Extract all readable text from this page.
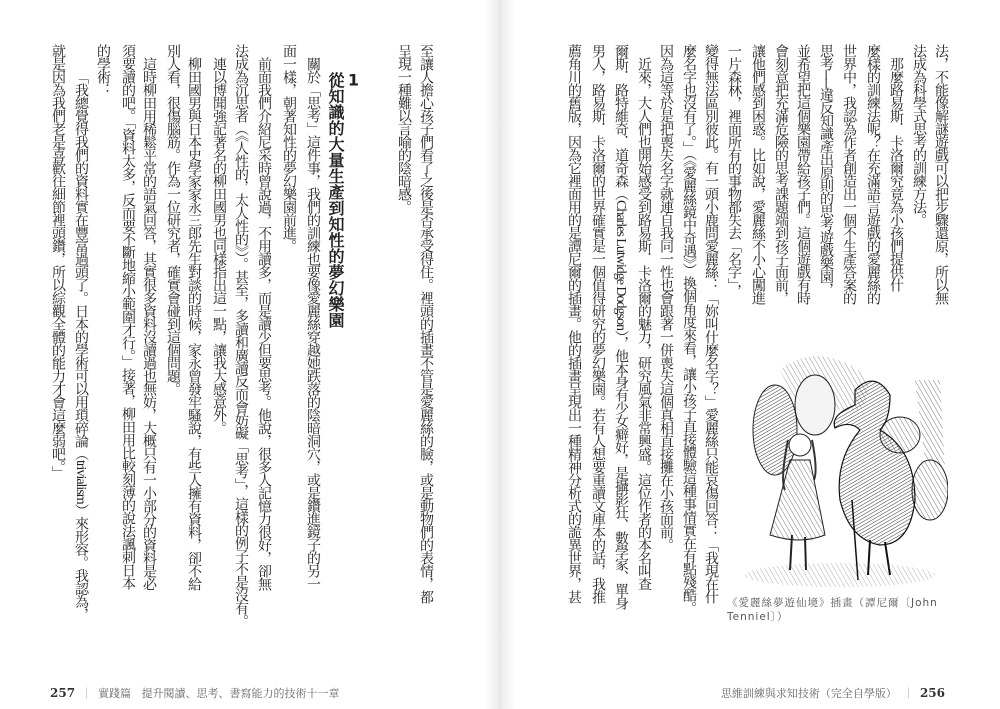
法，不能像解謎遊戲可以把步驟還原，所以無
法成為科學式思考的訓練方法。
那麼路易斯．卡洛爾究竟為小孩們提供什
麼樣的訓練法呢？在充滿語言遊戲的愛麗絲的
世界中，我認為作者創造出一個不生產答案的
思考──違反知識產出原則的思考遊戲樂園，
並希望把這個樂園帶給孩子們。這個遊戲有時
會刻意把充滿危險的思考課題端到孩子面前，
讓他們感到困惑。比如說，愛麗絲不小心闖進
一片森林，裡面所有的事物都失去「名字」，
變得無法區別彼此。有一頭小鹿問愛麗絲：「妳叫什麼名字？」愛麗絲只能哀傷回答：「我現在什
麼名字也沒有了。」（《愛麗絲鏡中奇遇》）換個角度來看，讓小孩子直接體驗這種事情實在有點殘酷。
因為這等於是把喪失名字就連自我同一性也會跟著一併喪失這個真相直接攤在小孩面前。
近來，大人們也開始感受到路易斯．卡洛爾的魅力，研究風氣非常興盛。這位作者的本名叫查
爾斯．路特維奇．道奇森（Charles Lutwidge Dodgson），他本身有少女癖好，是攝影狂、數學家、單身
男人，路易斯．卡洛爾的世界確實是一個值得研究的夢幻樂園。若有人想要重讀文庫本的話，我推
薦角川的舊版，因為它裡面用的是譚尼爾的插畫。他的插畫呈現出一種精神分析式的詭異世界，甚	《愛麗絲夢遊仙境》插畫（譚尼爾〔John Tenniel〕）
思維訓練與求知技術（完全自學版） ｜ 256
至讓人擔心孩子們看了之後是否承受得住。裡頭的插畫不管是愛麗絲的臉，或是動物們的表情，都
呈現一種難以言喻的陰暗感。
1
從知識的大量生產到知性的夢幻樂園
關於「思考」這件事，我們的訓練也要像愛麗絲穿越她跌落的陰暗洞穴，或是鑽進鏡子的另一
面一樣，朝著知性的夢幻樂園前進。
前面我們介紹尼采時曾說過，不用讀多，而是讀少但要思考。他說，很多人記憶力很好，卻無
法成為沉思者（《人性的，太人性的》）。甚至，多讀和廣讀反而會妨礙「思考」，這樣的例子不是沒有。
連以博聞強記著名的柳田國男也同樣指出這一點，讓我大感意外。
柳田國男與日本史學家家永三郎先生對談的時候，家永曾發牢騷說，有些人擁有資料，卻不給
別人看，很傷腦筋。作為一位研究者，確實會碰到這個問題。
這時柳田用稀鬆平常的語氣回答，其實很多資料沒讀過也無妨，大概只有一小部分的資料是必
須要讀的吧。「資料太多，反而要不斷地縮小範圍才行。」接著，柳田用比較刻薄的說法諷刺日本
的學術：
「我總覺得我們的資料實在豐富過頭了。日本的學術可以用瑣碎論（trivialism）來形容。我認為，
就是因為我們老是喜歡往細節裡頭鑽，所以綜觀全體的能力才會這麼弱吧。」
257 ｜ 實踐篇 提升閱讀、思考、書寫能力的技術十一章
